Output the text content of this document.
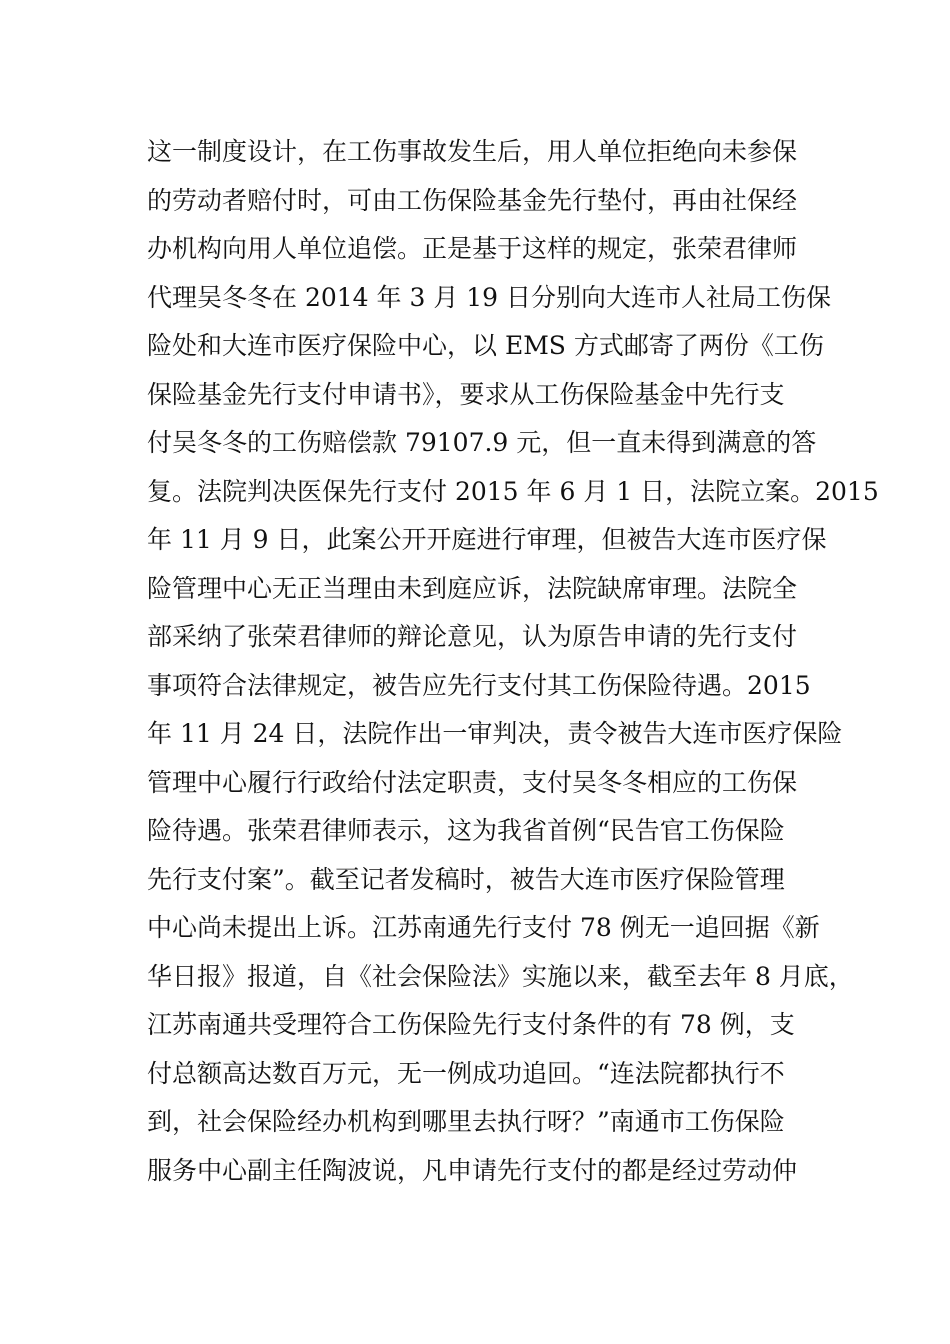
这一制度设计，在工伤事故发生后，用人单位拒绝向未参保
的劳动者赔付时，可由工伤保险基金先行垫付，再由社保经
办机构向用人单位追偿。正是基于这样的规定，张荣君律师
代理吴冬冬在 2014 年 3 月 19 日分别向大连市人社局工伤保
险处和大连市医疗保险中心，以 EMS 方式邮寄了两份《工伤
保险基金先行支付申请书》，要求从工伤保险基金中先行支
付吴冬冬的工伤赔偿款 79107.9 元，但一直未得到满意的答
复。法院判决医保先行支付 2015 年 6 月 1 日，法院立案。2015
年 11 月 9 日，此案公开开庭进行审理，但被告大连市医疗保
险管理中心无正当理由未到庭应诉，法院缺席审理。法院全
部采纳了张荣君律师的辩论意见，认为原告申请的先行支付
事项符合法律规定，被告应先行支付其工伤保险待遇。2015
年 11 月 24 日，法院作出一审判决，责令被告大连市医疗保险
管理中心履行行政给付法定职责，支付吴冬冬相应的工伤保
险待遇。张荣君律师表示，这为我省首例“民告官工伤保险
先行支付案”。截至记者发稿时，被告大连市医疗保险管理
中心尚未提出上诉。江苏南通先行支付 78 例无一追回据《新
华日报》报道，自《社会保险法》实施以来，截至去年 8 月底，
江苏南通共受理符合工伤保险先行支付条件的有 78 例，支
付总额高达数百万元，无一例成功追回。“连法院都执行不
到，社会保险经办机构到哪里去执行呀？”南通市工伤保险
服务中心副主任陶波说，凡申请先行支付的都是经过劳动仲
